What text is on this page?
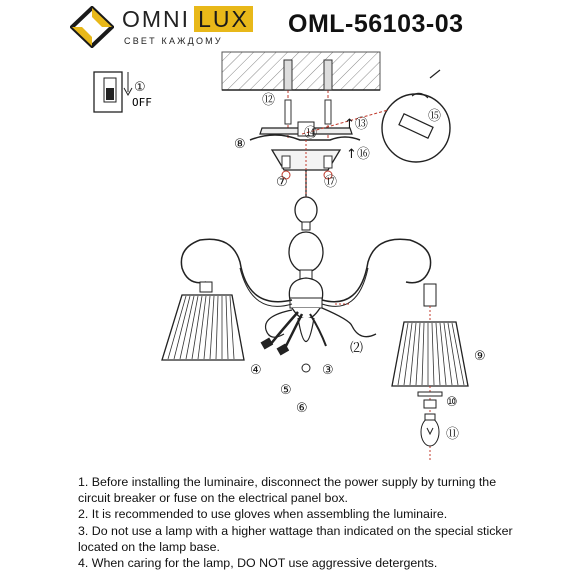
OMNI LUX
СВЕТ КАЖДОМУ
OML-56103-03
①
OFF	⑫
⑭
↑⑬
⑧
↑⑯
⑦	⑰
⑮
⑵
④	③
⑤
⑥
⑨
⑩
⑪

1. Before installing the luminaire, disconnect the power supply by turning the circuit breaker or fuse on the electrical panel box.

2. It is recommended to use gloves when assembling the luminaire.

3. Do not use a lamp with a higher wattage than indicated on the special sticker located on the lamp base.

4. When caring for the lamp, DO NOT use aggressive detergents.
